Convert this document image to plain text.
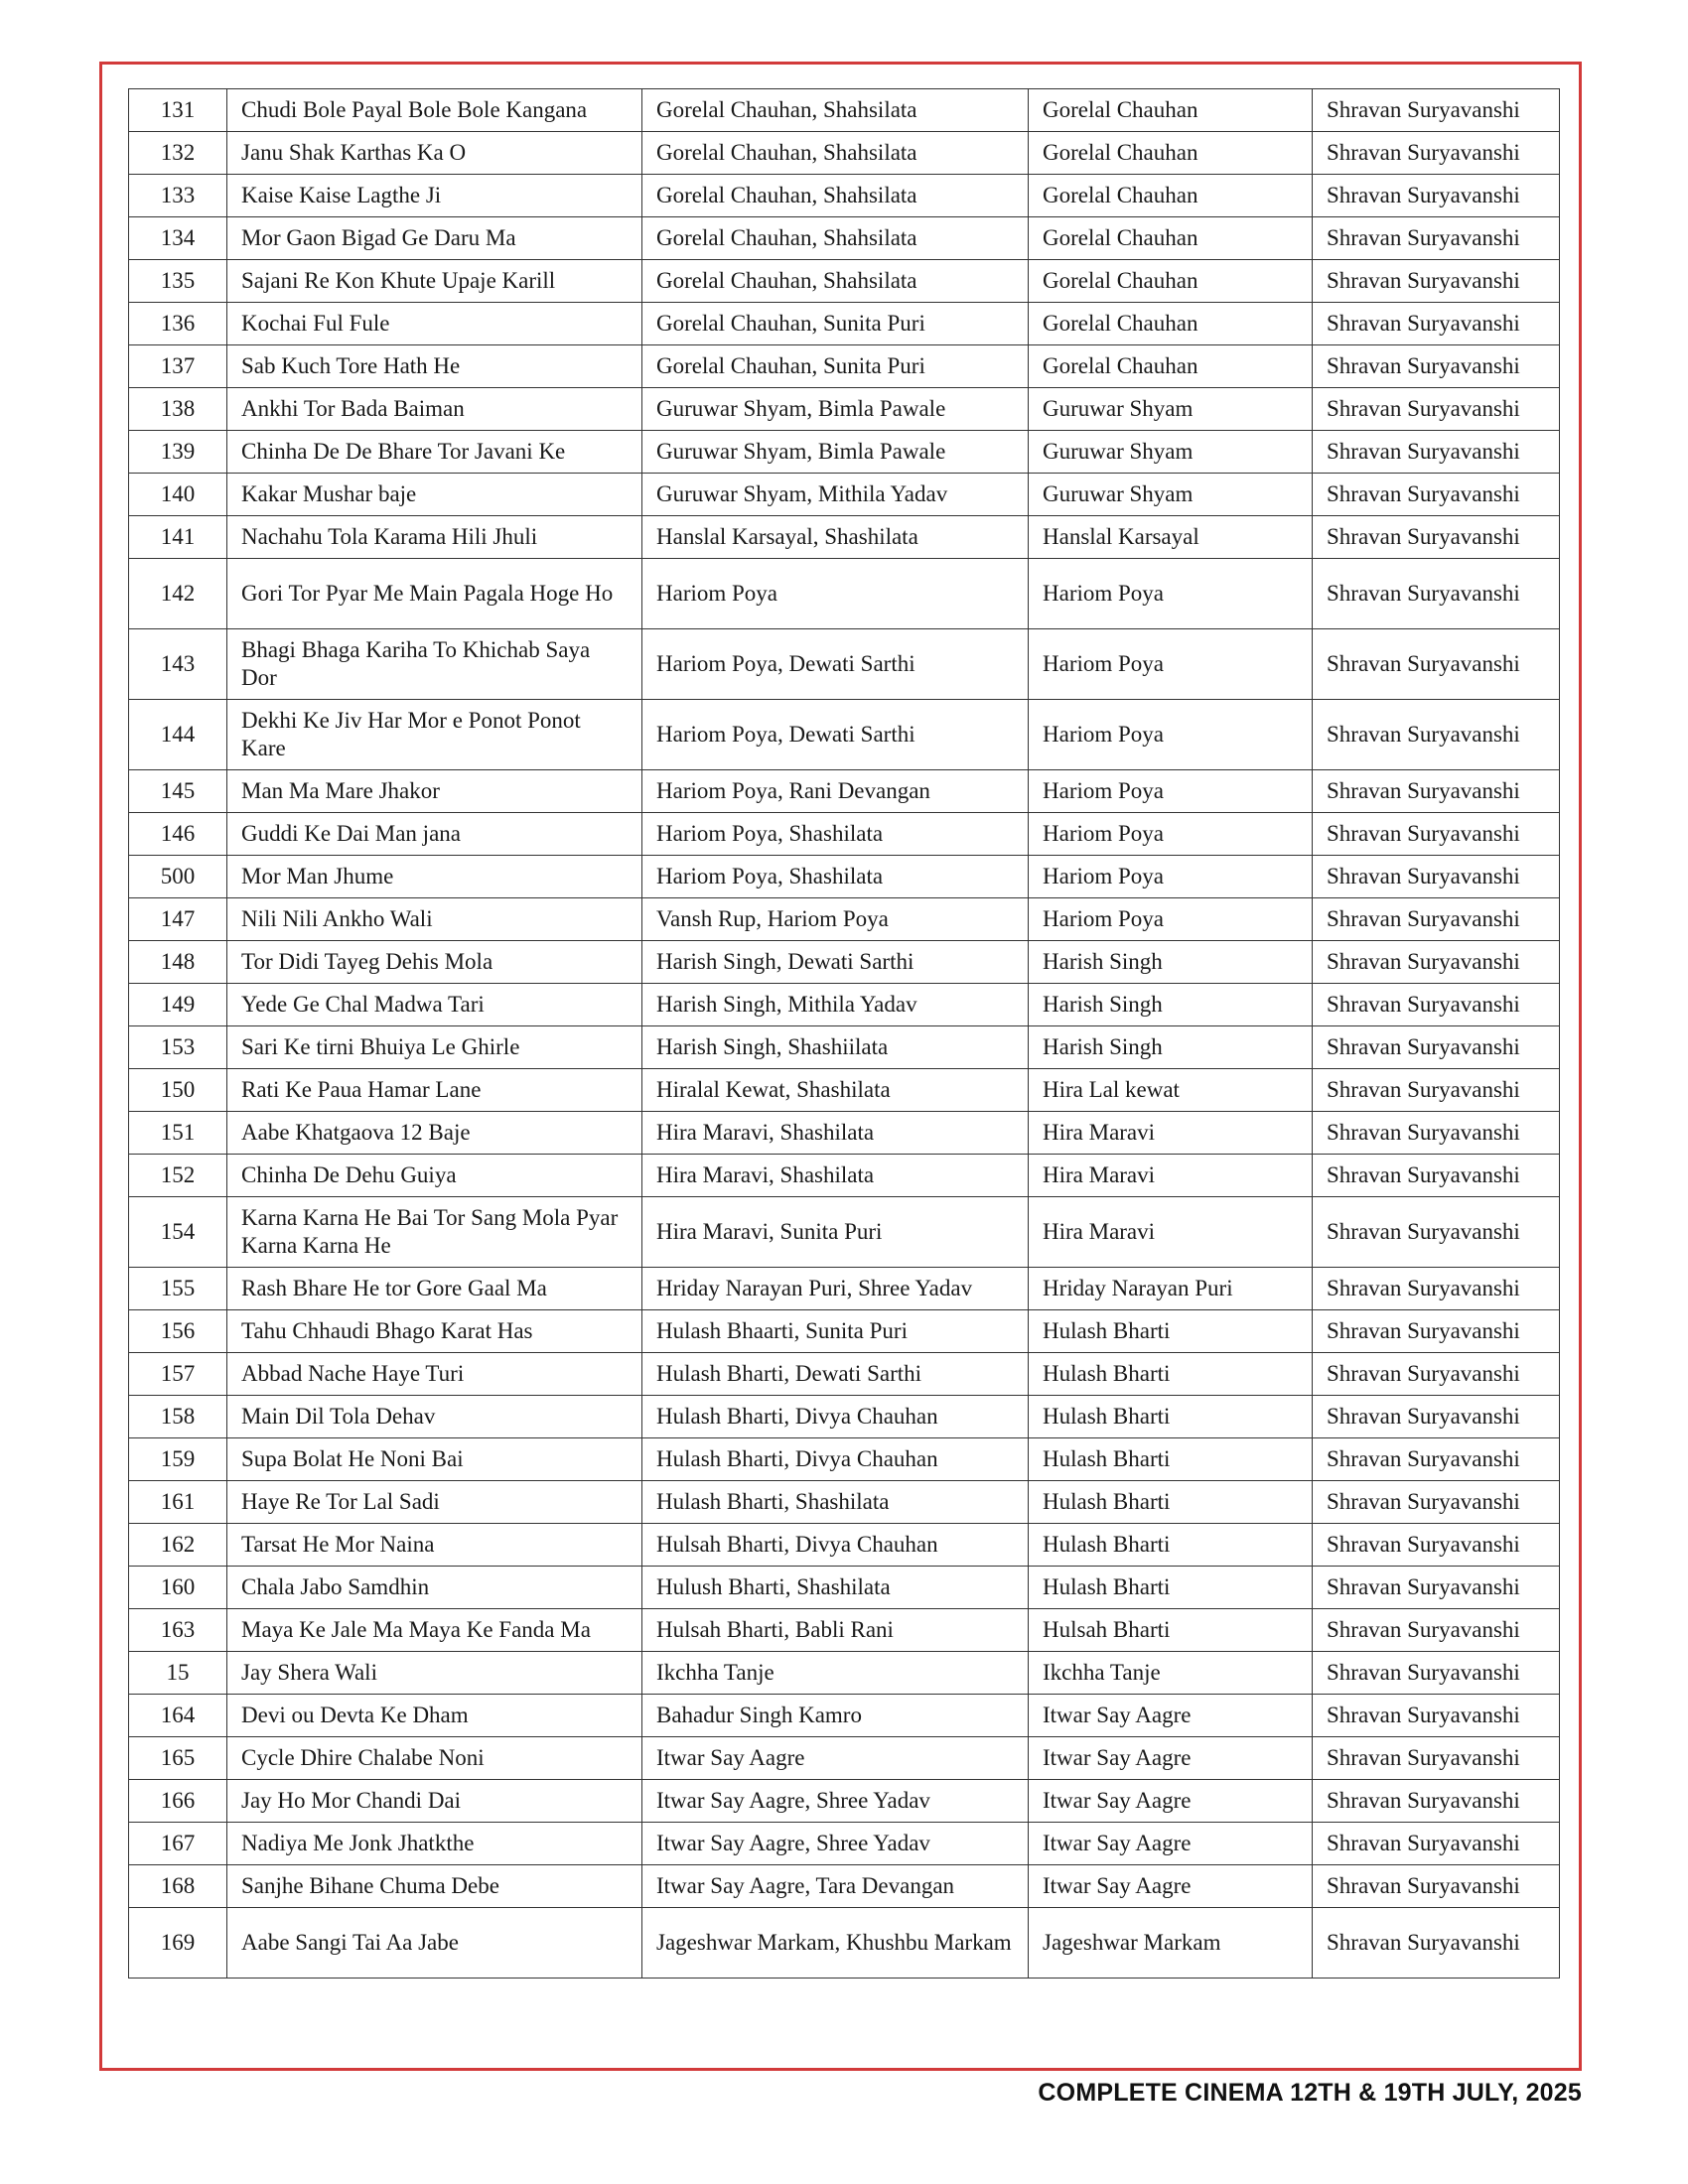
131	Chudi Bole Payal Bole Bole Kangana	Gorelal Chauhan, Shahsilata	Gorelal Chauhan	Shravan Suryavanshi
132	Janu Shak Karthas Ka O	Gorelal Chauhan, Shahsilata	Gorelal Chauhan	Shravan Suryavanshi
133	Kaise Kaise Lagthe Ji	Gorelal Chauhan, Shahsilata	Gorelal Chauhan	Shravan Suryavanshi
134	Mor Gaon Bigad Ge Daru Ma	Gorelal Chauhan, Shahsilata	Gorelal Chauhan	Shravan Suryavanshi
135	Sajani Re Kon Khute Upaje Karill	Gorelal Chauhan, Shahsilata	Gorelal Chauhan	Shravan Suryavanshi
136	Kochai Ful Fule	Gorelal Chauhan, Sunita Puri	Gorelal Chauhan	Shravan Suryavanshi
137	Sab Kuch Tore Hath He	Gorelal Chauhan, Sunita Puri	Gorelal Chauhan	Shravan Suryavanshi
138	Ankhi Tor Bada Baiman	Guruwar Shyam, Bimla Pawale	Guruwar Shyam	Shravan Suryavanshi
139	Chinha De De Bhare Tor Javani Ke	Guruwar Shyam, Bimla Pawale	Guruwar Shyam	Shravan Suryavanshi
140	Kakar Mushar baje	Guruwar Shyam, Mithila Yadav	Guruwar Shyam	Shravan Suryavanshi
141	Nachahu Tola Karama Hili Jhuli	Hanslal Karsayal, Shashilata	Hanslal Karsayal	Shravan Suryavanshi
142	Gori Tor Pyar Me Main Pagala Hoge Ho	Hariom Poya	Hariom Poya	Shravan Suryavanshi
143	Bhagi Bhaga Kariha To Khichab Saya Dor	Hariom Poya, Dewati Sarthi	Hariom Poya	Shravan Suryavanshi
144	Dekhi Ke Jiv Har Mor e Ponot Ponot Kare	Hariom Poya, Dewati Sarthi	Hariom Poya	Shravan Suryavanshi
145	Man Ma Mare Jhakor	Hariom Poya, Rani Devangan	Hariom Poya	Shravan Suryavanshi
146	Guddi Ke Dai Man jana	Hariom Poya, Shashilata	Hariom Poya	Shravan Suryavanshi
500	Mor Man Jhume	Hariom Poya, Shashilata	Hariom Poya	Shravan Suryavanshi
147	Nili Nili Ankho Wali	Vansh Rup, Hariom Poya	Hariom Poya	Shravan Suryavanshi
148	Tor Didi Tayeg Dehis Mola	Harish Singh, Dewati Sarthi	Harish Singh	Shravan Suryavanshi
149	Yede Ge Chal Madwa Tari	Harish Singh, Mithila Yadav	Harish Singh	Shravan Suryavanshi
153	Sari Ke tirni Bhuiya Le Ghirle	Harish Singh, Shashiilata	Harish Singh	Shravan Suryavanshi
150	Rati Ke Paua Hamar Lane	Hiralal Kewat, Shashilata	Hira Lal kewat	Shravan Suryavanshi
151	Aabe Khatgaova 12 Baje	Hira Maravi, Shashilata	Hira Maravi	Shravan Suryavanshi
152	Chinha De Dehu Guiya	Hira Maravi, Shashilata	Hira Maravi	Shravan Suryavanshi
154	Karna Karna He Bai Tor Sang Mola Pyar Karna Karna He	Hira Maravi, Sunita Puri	Hira Maravi	Shravan Suryavanshi
155	Rash Bhare He tor Gore Gaal Ma	Hriday Narayan Puri, Shree Yadav	Hriday Narayan Puri	Shravan Suryavanshi
156	Tahu Chhaudi Bhago Karat Has	Hulash Bhaarti, Sunita Puri	Hulash Bharti	Shravan Suryavanshi
157	Abbad Nache Haye Turi	Hulash Bharti, Dewati Sarthi	Hulash Bharti	Shravan Suryavanshi
158	Main Dil Tola Dehav	Hulash Bharti, Divya Chauhan	Hulash Bharti	Shravan Suryavanshi
159	Supa Bolat He Noni Bai	Hulash Bharti, Divya Chauhan	Hulash Bharti	Shravan Suryavanshi
161	Haye Re Tor Lal Sadi	Hulash Bharti, Shashilata	Hulash Bharti	Shravan Suryavanshi
162	Tarsat He Mor Naina	Hulsah Bharti, Divya Chauhan	Hulash Bharti	Shravan Suryavanshi
160	Chala Jabo Samdhin	Hulush Bharti, Shashilata	Hulash Bharti	Shravan Suryavanshi
163	Maya Ke Jale Ma Maya Ke Fanda Ma	Hulsah Bharti, Babli Rani	Hulsah Bharti	Shravan Suryavanshi
15	Jay Shera Wali	Ikchha Tanje	Ikchha Tanje	Shravan Suryavanshi
164	Devi ou Devta Ke Dham	Bahadur Singh Kamro	Itwar Say Aagre	Shravan Suryavanshi
165	Cycle Dhire Chalabe Noni	Itwar Say Aagre	Itwar Say Aagre	Shravan Suryavanshi
166	Jay Ho Mor Chandi Dai	Itwar Say Aagre, Shree Yadav	Itwar Say Aagre	Shravan Suryavanshi
167	Nadiya Me Jonk Jhatkthe	Itwar Say Aagre, Shree Yadav	Itwar Say Aagre	Shravan Suryavanshi
168	Sanjhe Bihane Chuma Debe	Itwar Say Aagre, Tara Devangan	Itwar Say Aagre	Shravan Suryavanshi
169	Aabe Sangi Tai Aa Jabe	Jageshwar Markam, Khushbu Markam	Jageshwar Markam	Shravan Suryavanshi
COMPLETE CINEMA 12TH & 19TH JULY, 2025
